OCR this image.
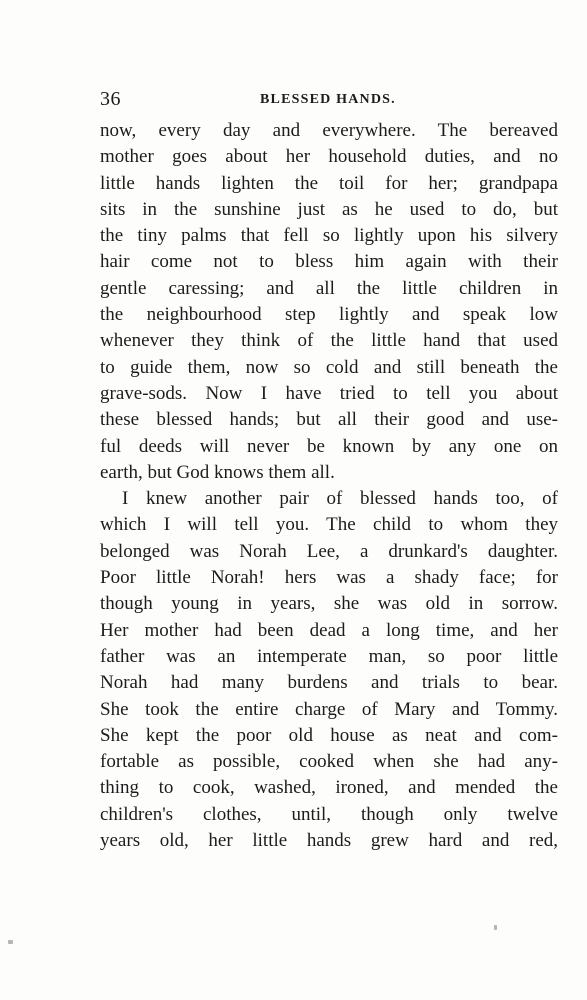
36	BLESSED HANDS.
now, every day and everywhere. The bereaved
mother goes about her household duties, and no
little hands lighten the toil for her; grandpapa
sits in the sunshine just as he used to do, but
the tiny palms that fell so lightly upon his silvery
hair come not to bless him again with their
gentle caressing; and all the little children in
the neighbourhood step lightly and speak low
whenever they think of the little hand that used
to guide them, now so cold and still beneath the
grave-sods. Now I have tried to tell you about
these blessed hands; but all their good and use-
ful deeds will never be known by any one on
earth, but God knows them all.
I knew another pair of blessed hands too, of
which I will tell you. The child to whom they
belonged was Norah Lee, a drunkard's daughter.
Poor little Norah! hers was a shady face; for
though young in years, she was old in sorrow.
Her mother had been dead a long time, and her
father was an intemperate man, so poor little
Norah had many burdens and trials to bear.
She took the entire charge of Mary and Tommy.
She kept the poor old house as neat and com-
fortable as possible, cooked when she had any-
thing to cook, washed, ironed, and mended the
children's clothes, until, though only twelve
years old, her little hands grew hard and red,
